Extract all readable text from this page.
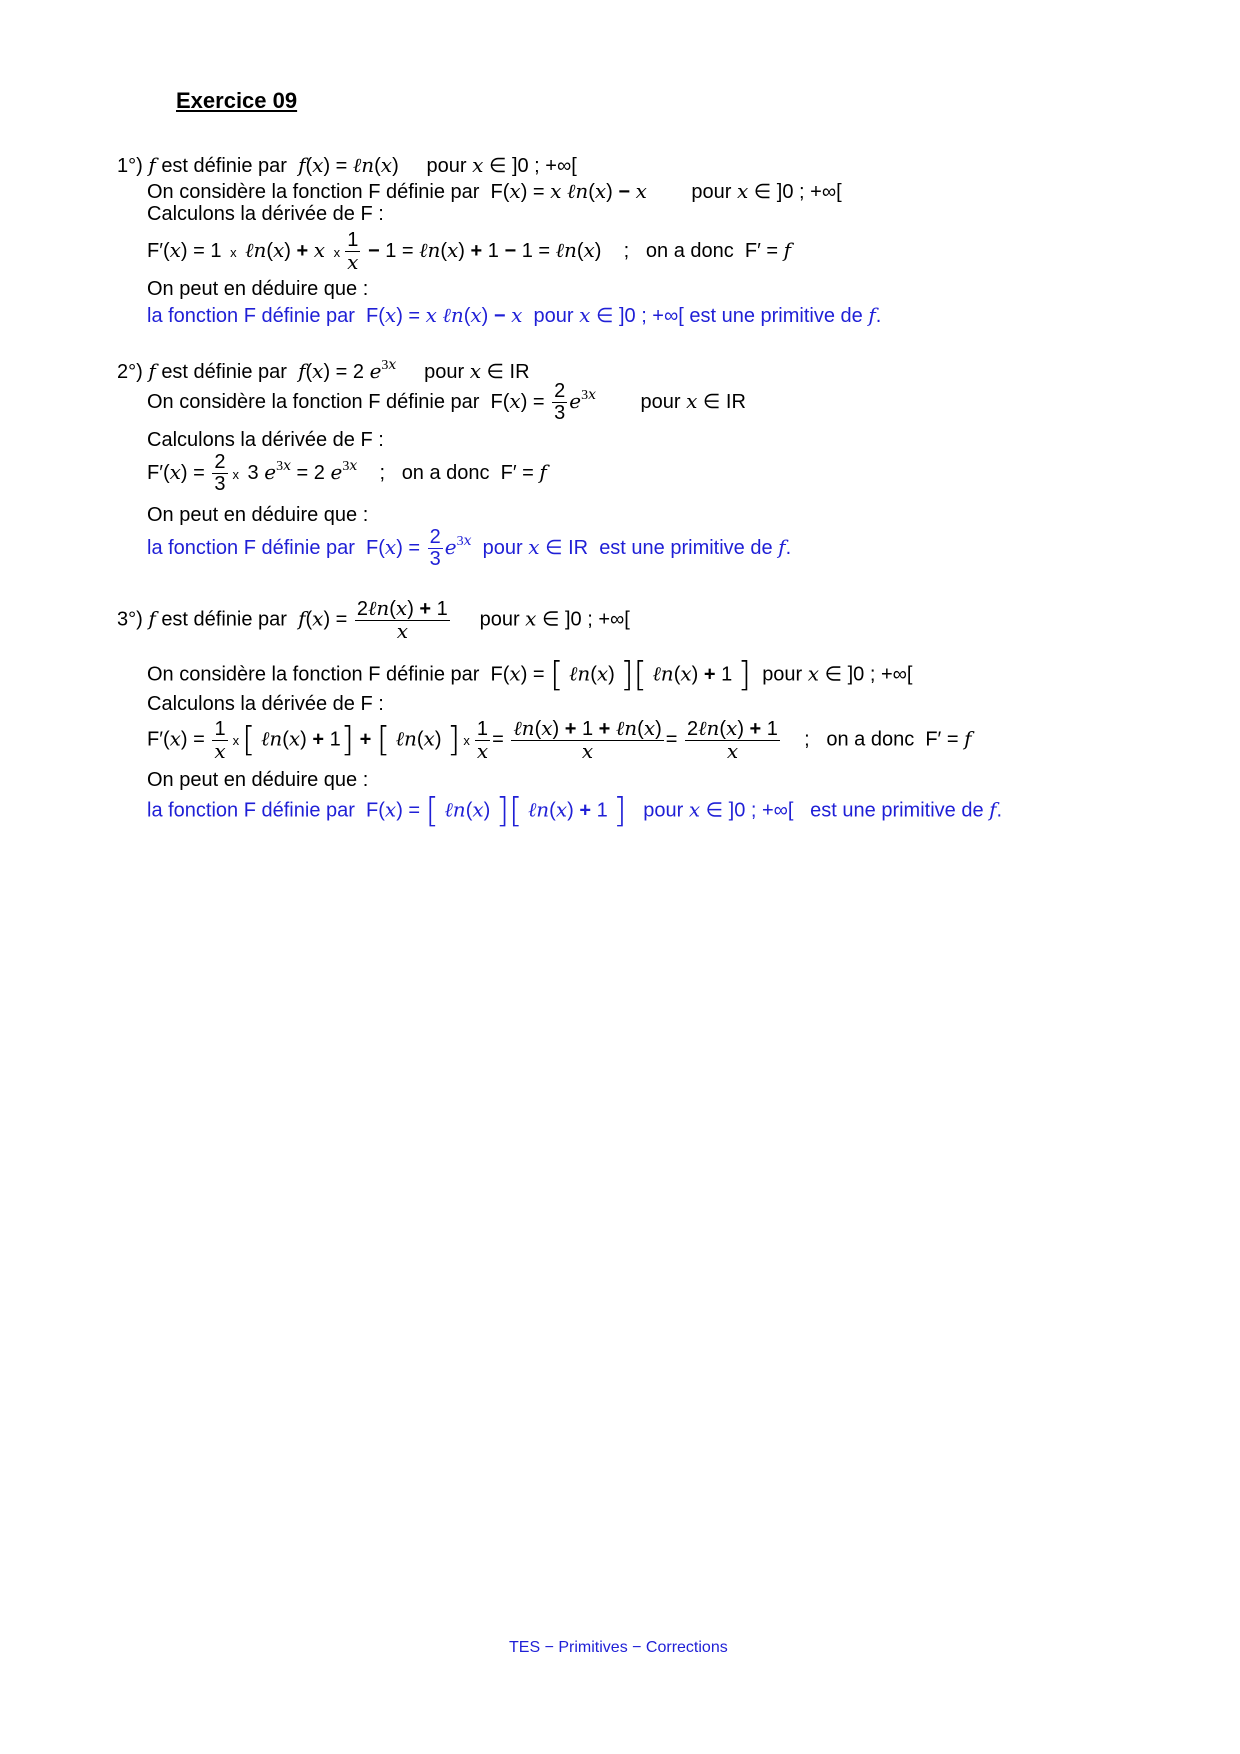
Exercice 09
1°) f est définie par f(x) = ℓn(x)     pour x ∈ ]0 ; +∞[
On considère la fonction F définie par  F(x) = x ℓn(x) − x pour x ∈ ]0 ; +∞[
Calculons la dérivée de F :
F′(x) = 1 x ℓn(x) + x x $\frac{1}{x} - 1$ = ℓn(x) + 1 − 1 = ℓn(x)    ;   on a donc  F′ = f
On peut en déduire que :
la fonction F définie par  F(x) = x ℓn(x) − x pour x ∈ ]0 ; +∞[ est une primitive de f.
2°) f est définie par f(x) = 2 $e^{3x}$ pour x ∈ IR
On considère la fonction F définie par  $F(x) = \frac{2}{3} e^{3x}$ pour x ∈ IR
Calculons la dérivée de F :
$F'(x) = \frac{2}{3}$ x 3 $e^{3x} = 2$ $e^{3x}$    ;   on a donc  F′ = f
On peut en déduire que :
la fonction F définie par  $F(x) = \frac{2}{3} e^{3x}$ pour x ∈ IR est une primitive de f.
3°) f est définie par $f(x) = \frac{\text{2ℓn(x) + 1}}{x}$ pour x ∈ ]0 ; +∞[
On considère la fonction F définie par  F(x) = [ ℓn(x) ][ ℓn(x) + 1 ] pour x ∈ ]0 ; +∞[
Calculons la dérivée de F :
$F'(x) = \frac{1}{x} x$[ ℓn(x) + 1] + [ ℓn(x) ] x $\frac{1}{x} = \frac{\text{ℓn(x) + 1 + ℓn(x)}}{x} = \frac{\text{2ℓn(x) + 1}}{x}$ ;   on a donc  F′ = f
On peut en déduire que :
la fonction F définie par  F(x) = [ ℓn(x) ][ ℓn(x) + 1 ] pour x ∈ ]0 ; +∞[ est une primitive de f.
TES − Primitives − Corrections
